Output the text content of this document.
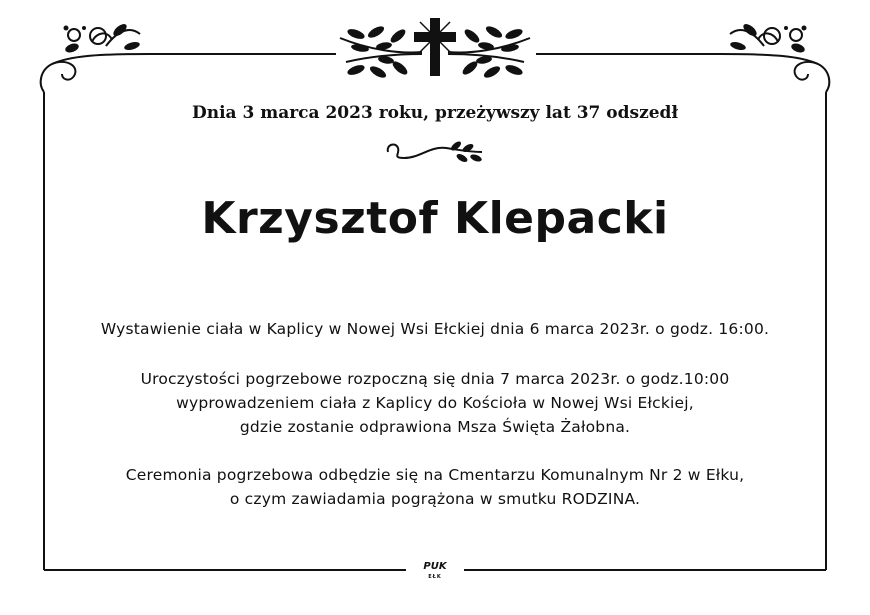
Dnia 3 marca 2023 roku, przeżywszy lat 37 odszedł

Krzysztof Klepacki

Wystawienie ciała w Kaplicy w Nowej Wsi Ełckiej dnia 6 marca 2023r. o godz. 16:00.

Uroczystości pogrzebowe rozpoczną się dnia 7 marca 2023r. o godz.10:00

wyprowadzeniem ciała z Kaplicy do Kościoła w Nowej Wsi Ełckiej,

gdzie zostanie odprawiona Msza Święta Żałobna.

Ceremonia pogrzebowa odbędzie się na Cmentarzu Komunalnym Nr 2 w Ełku,

o czym zawiadamia pogrążona w smutku RODZINA.

PUK
EŁK
